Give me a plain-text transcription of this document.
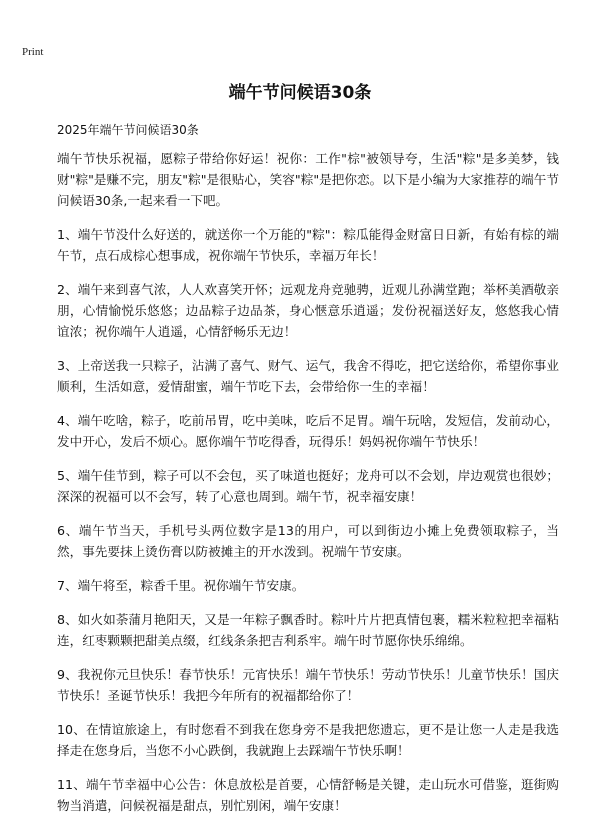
Print
端午节问候语30条
2025年端午节问候语30条

端午节快乐祝福，愿粽子带给你好运！祝你：工作"棕"被领导夸，生活"粽"是多美梦，钱财"粽"是赚不完，朋友"粽"是很贴心，笑容"粽"是把你恋。以下是小编为大家推荐的端午节问候语30条,一起来看一下吧。

1、端午节没什么好送的，就送你一个万能的"粽"：粽瓜能得金财富日日新，有始有棕的端午节，点石成棕心想事成，祝你端午节快乐，幸福万年长！

2、端午来到喜气浓，人人欢喜笑开怀；远观龙舟竞驰骋，近观儿孙满堂跑；举杯美酒敬亲朋，心情愉悦乐悠悠；边品粽子边品茶，身心惬意乐逍遥；发份祝福送好友，悠悠我心情谊浓；祝你端午人逍遥，心情舒畅乐无边！

3、上帝送我一只粽子，沾满了喜气、财气、运气，我舍不得吃，把它送给你，希望你事业顺利，生活如意，爱情甜蜜，端午节吃下去，会带给你一生的幸福！

4、端午吃啥，粽子，吃前吊胃，吃中美味，吃后不足胃。端午玩啥，发短信，发前动心，发中开心，发后不烦心。愿你端午节吃得香，玩得乐！妈妈祝你端午节快乐！

5、端午佳节到，粽子可以不会包，买了味道也挺好；龙舟可以不会划，岸边观赏也很妙；深深的祝福可以不会写，转了心意也周到。端午节，祝幸福安康！

6、端午节当天，手机号头两位数字是13的用户，可以到街边小摊上免费领取粽子，当然，事先要抹上烫伤膏以防被摊主的开水泼到。祝端午节安康。

7、端午将至，粽香千里。祝你端午节安康。

8、如火如荼蒲月艳阳天，又是一年粽子飘香时。粽叶片片把真情包裹，糯米粒粒把幸福粘连，红枣颗颗把甜美点缀，红线条条把吉利系牢。端午时节愿你快乐绵绵。

9、我祝你元旦快乐！春节快乐！元宵快乐！端午节快乐！劳动节快乐！儿童节快乐！国庆节快乐！圣诞节快乐！我把今年所有的祝福都给你了！

10、在情谊旅途上，有时您看不到我在您身旁不是我把您遗忘，更不是让您一人走是我选择走在您身后，当您不小心跌倒，我就跑上去踩端午节快乐啊！

11、端午节幸福中心公告：休息放松是首要，心情舒畅是关键，走山玩水可借鉴，逛街购物当消遣，问候祝福是甜点，别忙别闲，端午安康！
